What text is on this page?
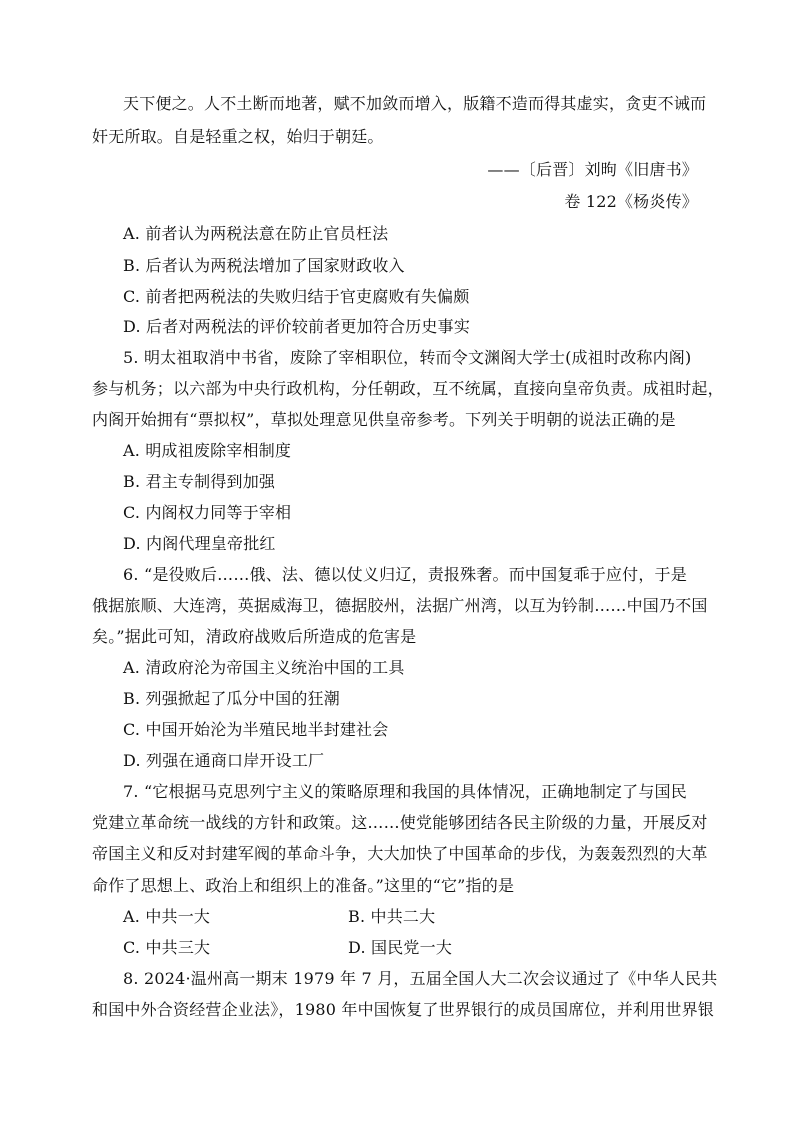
天下便之。人不土断而地著，赋不加敛而增入，版籍不造而得其虚实，贪吏不诫而
奸无所取。自是轻重之权，始归于朝廷。
——〔后晋〕刘昫《旧唐书》
卷 122《杨炎传》
A. 前者认为两税法意在防止官员枉法
B. 后者认为两税法增加了国家财政收入
C. 前者把两税法的失败归结于官吏腐败有失偏颇
D. 后者对两税法的评价较前者更加符合历史事实
5. 明太祖取消中书省，废除了宰相职位，转而令文渊阁大学士(成祖时改称内阁)
参与机务；以六部为中央行政机构，分任朝政，互不统属，直接向皇帝负责。成祖时起，
内阁开始拥有“票拟权”，草拟处理意见供皇帝参考。下列关于明朝的说法正确的是
A. 明成祖废除宰相制度
B. 君主专制得到加强
C. 内阁权力同等于宰相
D. 内阁代理皇帝批红
6. “是役败后……俄、法、德以仗义归辽，责报殊奢。而中国复乖于应付，于是
俄据旅顺、大连湾，英据威海卫，德据胶州，法据广州湾，以互为钤制……中国乃不国
矣。”据此可知，清政府战败后所造成的危害是
A. 清政府沦为帝国主义统治中国的工具
B. 列强掀起了瓜分中国的狂潮
C. 中国开始沦为半殖民地半封建社会
D. 列强在通商口岸开设工厂
7. “它根据马克思列宁主义的策略原理和我国的具体情况，正确地制定了与国民
党建立革命统一战线的方针和政策。这……使党能够团结各民主阶级的力量，开展反对
帝国主义和反对封建军阀的革命斗争，大大加快了中国革命的步伐，为轰轰烈烈的大革
命作了思想上、政治上和组织上的准备。”这里的“它”指的是
A. 中共一大	B. 中共二大
C. 中共三大	D. 国民党一大
8. 2024·温州高一期末 1979 年 7 月，五届全国人大二次会议通过了《中华人民共
和国中外合资经营企业法》，1980 年中国恢复了世界银行的成员国席位，并利用世界银
